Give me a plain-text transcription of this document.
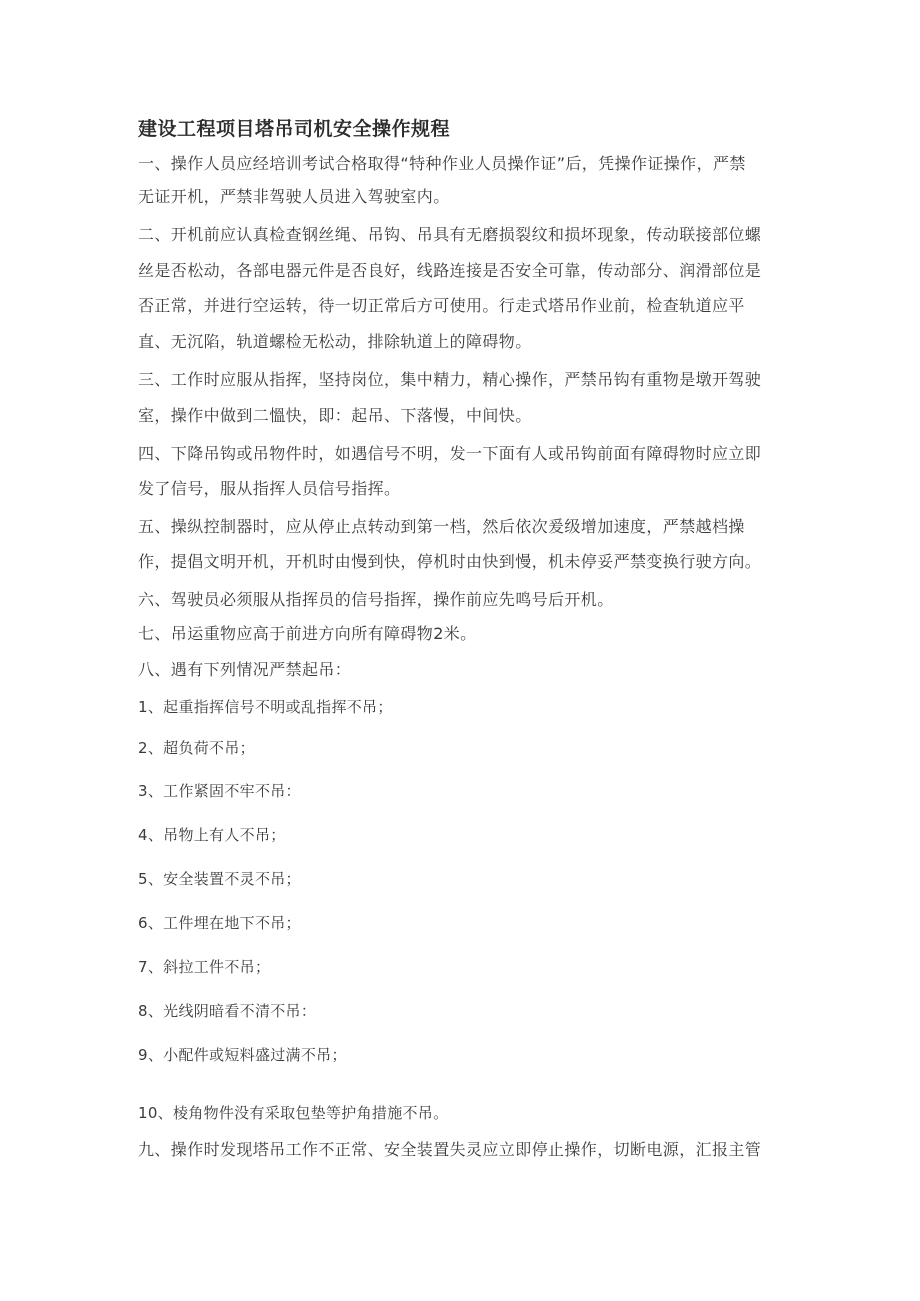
建设工程项目塔吊司机安全操作规程
一、操作人员应经培训考试合格取得“特种作业人员操作证”后，凭操作证操作，严禁
无证开机，严禁非驾驶人员进入驾驶室内。
二、开机前应认真检查钢丝绳、吊钩、吊具有无磨损裂纹和损坏现象，传动联接部位螺
丝是否松动，各部电器元件是否良好，线路连接是否安全可靠，传动部分、润滑部位是
否正常，并进行空运转，待一切正常后方可使用。行走式塔吊作业前，检查轨道应平
直、无沉陷，轨道螺检无松动，排除轨道上的障碍物。
三、工作时应服从指挥，坚持岗位，集中精力，精心操作，严禁吊钩有重物是墩开驾驶
室，操作中做到二慍快，即：起吊、下落慢，中间快。
四、下降吊钩或吊物件时，如遇信号不明，发一下面有人或吊钩前面有障碍物时应立即
发了信号，服从指挥人员信号指挥。
五、操纵控制器时，应从停止点转动到第一档，然后依次爰级增加速度，严禁越档操
作，提倡文明开机，开机时由慢到快，停机时由快到慢，机未停妥严禁变换行驶方向。
六、驾驶员必须服从指挥员的信号指挥，操作前应先鸣号后开机。
七、吊运重物应高于前进方向所有障碍物2米。
八、遇有下列情况严禁起吊：
1、起重指挥信号不明或乱指挥不吊；
2、超负荷不吊；
3、工作紧固不牢不吊：
4、吊物上有人不吊；
5、安全装置不灵不吊；
6、工件埋在地下不吊；
7、斜拉工件不吊；
8、光线阴暗看不清不吊：
9、小配件或短料盛过满不吊；
10、棱角物件没有采取包垫等护角措施不吊。
九、操作时发现塔吊工作不正常、安全装置失灵应立即停止操作，切断电源，汇报主管
